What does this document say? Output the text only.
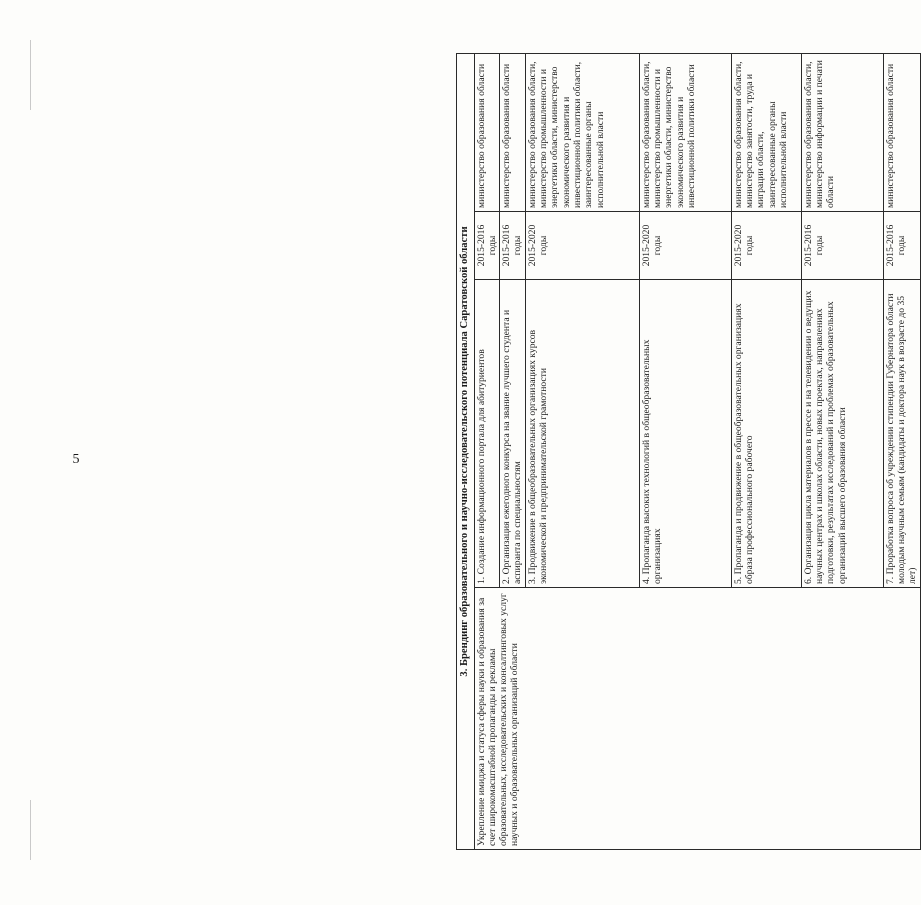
5	3. Брендинг образовательного и научно-исследовательского потенциала Саратовской области			
Укрепление имиджа и статуса сферы науки и образования за счет широкомасштабной пропаганды и рекламы образовательных, исследовательских и консалтинговых услуг научных и образовательных организаций области	1. Создание информационного портала для абитуриентов	2015-2016 годы	министерство образования области
	2. Организация ежегодного конкурса на звание лучшего студента и аспиранта по специальностям	2015-2016 годы	министерство образования области
	3. Продвижение в общеобразовательных организациях курсов экономической и предпринимательской грамотности	2015-2020 годы	министерство образования области, министерство промышленности и энергетики области, министерство экономического развития и инвестиционной политики области, заинтересованные органы исполнительной власти
	4. Пропаганда высоких технологий в общеобразовательных организациях	2015-2020 годы	министерство образования области, министерство промышленности и энергетики области, министерство экономического развития и инвестиционной политики области
	5. Пропаганда и продвижение в общеобразовательных организациях образа профессионального рабочего	2015-2020 годы	министерство образования области, министерство занятости, труда и миграции области, заинтересованные органы исполнительной власти
	6. Организация цикла материалов в прессе и на телевидении о ведущих научных центрах и школах области, новых проектах, направлениях подготовки, результатах исследований и проблемах образовательных организаций высшего образования области	2015-2016 годы	министерство образования области, министерство информации и печати области
	7. Проработка вопроса об учреждении стипендии Губернатора области молодым научным семьям (кандидаты и доктора наук в возрасте до 35 лет)	2015-2016 годы	министерство образования области
